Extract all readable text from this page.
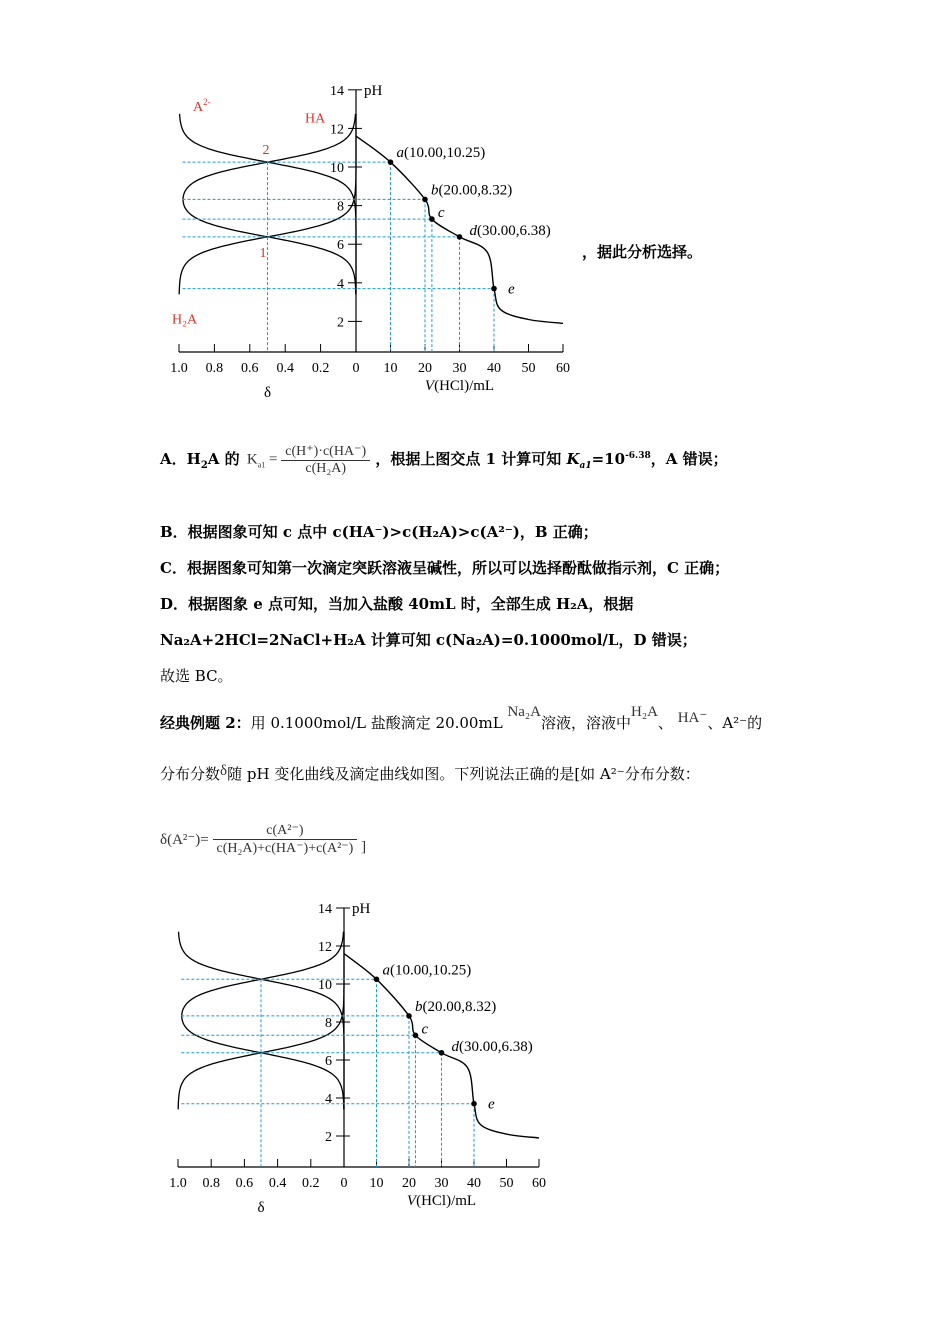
pH
14
12
10
8
6
4
2
1.0 0.8 0.6 0.4 0.2 0 10 20 30 40 50 60
δ	V(HCl)/mL
a(10.00,10.25)
b(20.00,8.32)
c
d(30.00,6.38)
e
$A^{2-}$
HA
H₂A
2
1	，据此分析选择。
A．$H_2A$ 的 $K_{a1} = \frac{c(H^+)\cdot c(HA^-)}{\text{c(H₂A)}}$ ，根据上图交点 1 计算可知 $K_{a1}=10^{-6.38}$，A 错误；
B．根据图象可知 c 点中 c(HA⁻)>c(H₂A)>c(A²⁻)，B 正确；
C．根据图象可知第一次滴定突跃溶液呈碱性，所以可以选择酚酞做指示剂，C 正确；
D．根据图象 e 点可知，当加入盐酸 40mL 时，全部生成 H₂A，根据
Na₂A+2HCl=2NaCl+H₂A 计算可知 c(Na₂A)=0.1000mol/L，D 错误；
故选 BC。
经典例题 2：用 0.1000mol/L 盐酸滴定 20.00mL Na₂A溶液，溶液中H₂A、 HA⁻、A²⁻的
分布分数δ随 pH 变化曲线及滴定曲线如图。下列说法正确的是[如 A²⁻分布分数：
$\delta(A^{2-})= \frac{\text{c(A²⁻)}}{\text{c(H₂A)+c(HA⁻)+c(A²⁻)}}$ ]
pH
14
12
10
8
6
4
2
1.0 0.8 0.6 0.4 0.2 0 10 20 30 40 50 60
δ	V(HCl)/mL
a(10.00,10.25)
b(20.00,8.32)
c
d(30.00,6.38)
e
